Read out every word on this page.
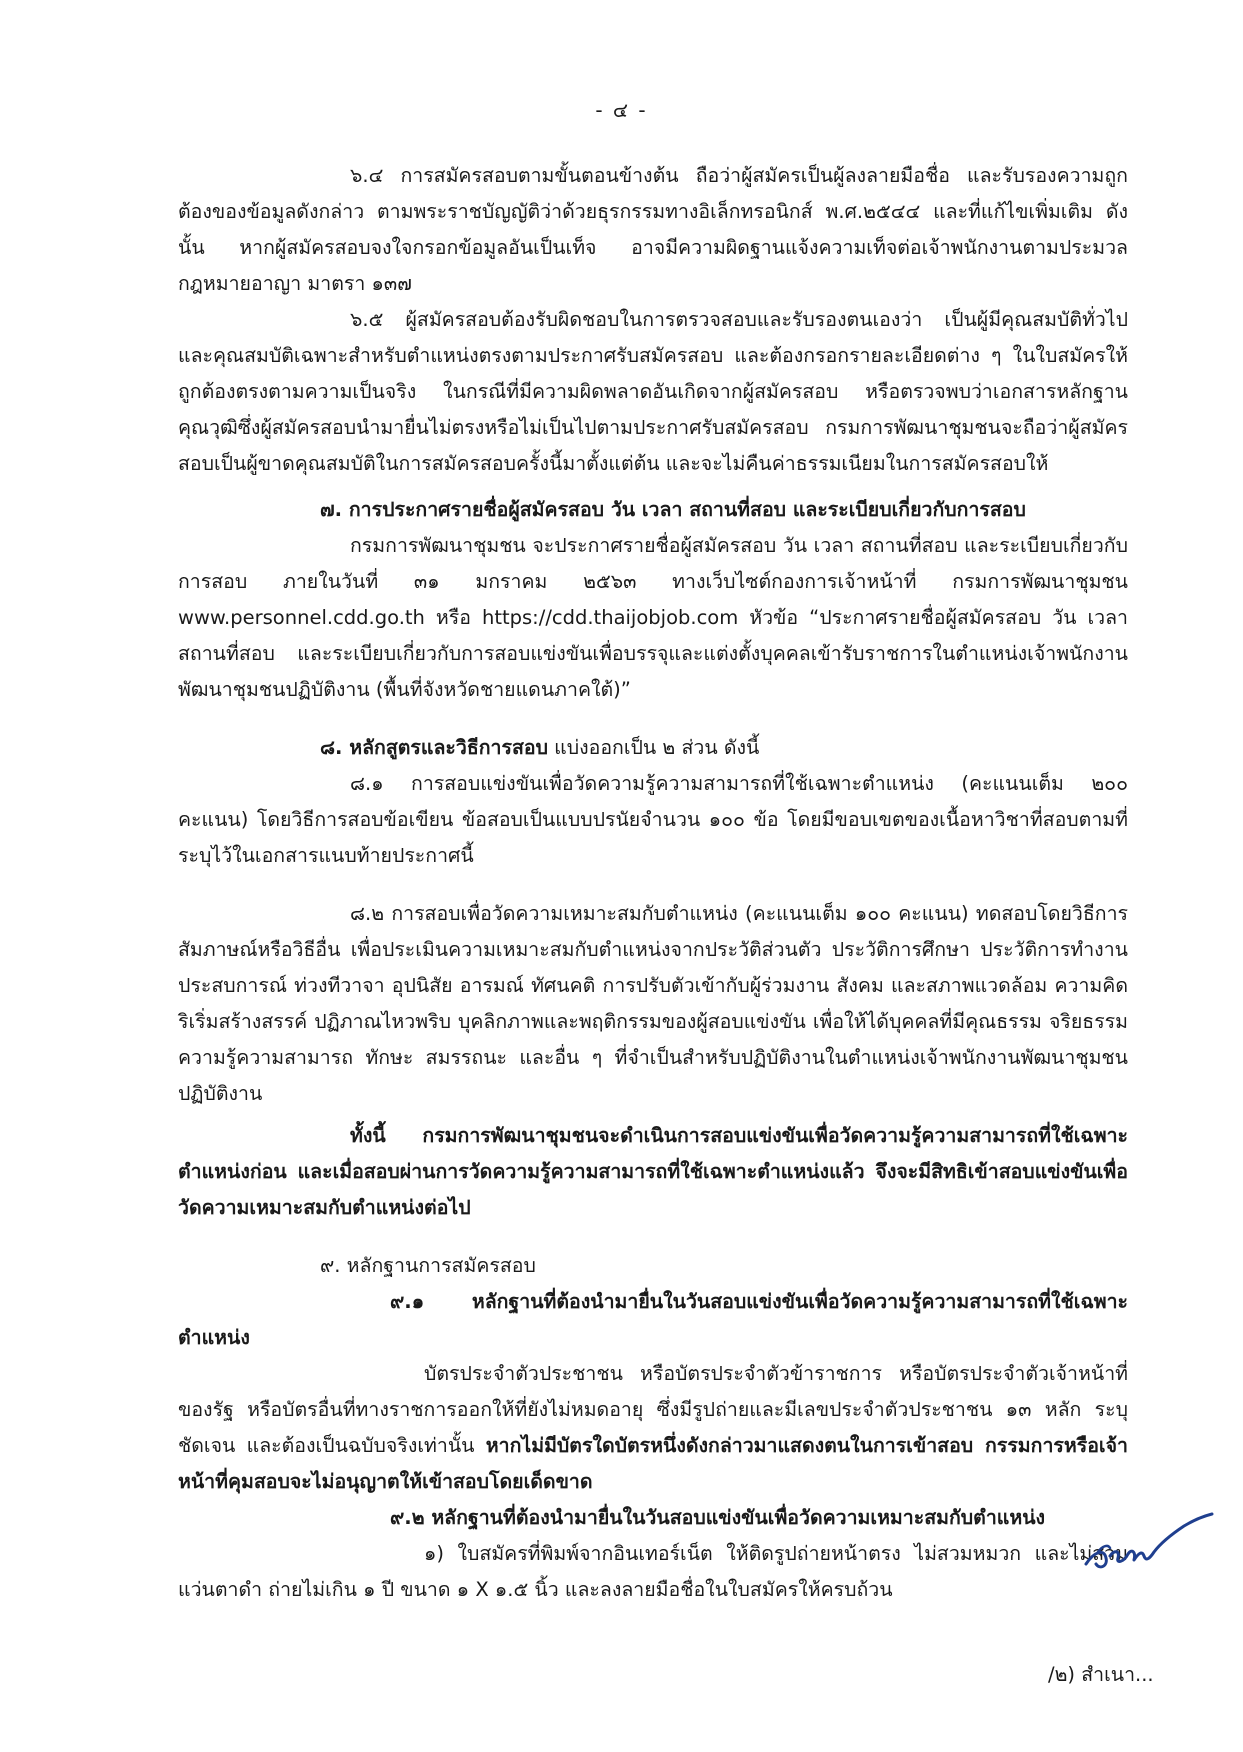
- ๔ -

๖.๔ การสมัครสอบตามขั้นตอนข้างต้น ถือว่าผู้สมัครเป็นผู้ลงลายมือชื่อ และรับรองความถูกต้องของข้อมูลดังกล่าว ตามพระราชบัญญัติว่าด้วยธุรกรรมทางอิเล็กทรอนิกส์ พ.ศ.๒๕๔๔ และที่แก้ไขเพิ่มเติม ดังนั้น หากผู้สมัครสอบจงใจกรอกข้อมูลอันเป็นเท็จ อาจมีความผิดฐานแจ้งความเท็จต่อเจ้าพนักงานตามประมวลกฎหมายอาญา มาตรา ๑๓๗

๖.๕ ผู้สมัครสอบต้องรับผิดชอบในการตรวจสอบและรับรองตนเองว่า เป็นผู้มีคุณสมบัติทั่วไปและคุณสมบัติเฉพาะสำหรับตำแหน่งตรงตามประกาศรับสมัครสอบ และต้องกรอกรายละเอียดต่าง ๆ ในใบสมัครให้ถูกต้องตรงตามความเป็นจริง ในกรณีที่มีความผิดพลาดอันเกิดจากผู้สมัครสอบ หรือตรวจพบว่าเอกสารหลักฐานคุณวุฒิซึ่งผู้สมัครสอบนำมายื่นไม่ตรงหรือไม่เป็นไปตามประกาศรับสมัครสอบ กรมการพัฒนาชุมชนจะถือว่าผู้สมัครสอบเป็นผู้ขาดคุณสมบัติในการสมัครสอบครั้งนี้มาตั้งแต่ต้น และจะไม่คืนค่าธรรมเนียมในการสมัครสอบให้

๗. การประกาศรายชื่อผู้สมัครสอบ วัน เวลา สถานที่สอบ และระเบียบเกี่ยวกับการสอบ

กรมการพัฒนาชุมชน จะประกาศรายชื่อผู้สมัครสอบ วัน เวลา สถานที่สอบ และระเบียบเกี่ยวกับการสอบ ภายในวันที่ ๓๑ มกราคม ๒๕๖๓ ทางเว็บไซต์กองการเจ้าหน้าที่ กรมการพัฒนาชุมชน www.personnel.cdd.go.th หรือ https://cdd.thaijobjob.com หัวข้อ “ประกาศรายชื่อผู้สมัครสอบ วัน เวลา สถานที่สอบ และระเบียบเกี่ยวกับการสอบแข่งขันเพื่อบรรจุและแต่งตั้งบุคคลเข้ารับราชการในตำแหน่งเจ้าพนักงานพัฒนาชุมชนปฏิบัติงาน (พื้นที่จังหวัดชายแดนภาคใต้)”

๘. หลักสูตรและวิธีการสอบ แบ่งออกเป็น ๒ ส่วน ดังนี้

๘.๑ การสอบแข่งขันเพื่อวัดความรู้ความสามารถที่ใช้เฉพาะตำแหน่ง (คะแนนเต็ม ๒๐๐ คะแนน) โดยวิธีการสอบข้อเขียน ข้อสอบเป็นแบบปรนัยจำนวน ๑๐๐ ข้อ โดยมีขอบเขตของเนื้อหาวิชาที่สอบตามที่ระบุไว้ในเอกสารแนบท้ายประกาศนี้

๘.๒ การสอบเพื่อวัดความเหมาะสมกับตำแหน่ง (คะแนนเต็ม ๑๐๐ คะแนน) ทดสอบโดยวิธีการสัมภาษณ์หรือวิธีอื่น เพื่อประเมินความเหมาะสมกับตำแหน่งจากประวัติส่วนตัว ประวัติการศึกษา ประวัติการทำงาน ประสบการณ์ ท่วงทีวาจา อุปนิสัย อารมณ์ ทัศนคติ การปรับตัวเข้ากับผู้ร่วมงาน สังคม และสภาพแวดล้อม ความคิดริเริ่มสร้างสรรค์ ปฏิภาณไหวพริบ บุคลิกภาพและพฤติกรรมของผู้สอบแข่งขัน เพื่อให้ได้บุคคลที่มีคุณธรรม จริยธรรม ความรู้ความสามารถ ทักษะ สมรรถนะ และอื่น ๆ ที่จำเป็นสำหรับปฏิบัติงานในตำแหน่งเจ้าพนักงานพัฒนาชุมชนปฏิบัติงาน

ทั้งนี้ กรมการพัฒนาชุมชนจะดำเนินการสอบแข่งขันเพื่อวัดความรู้ความสามารถที่ใช้เฉพาะตำแหน่งก่อน และเมื่อสอบผ่านการวัดความรู้ความสามารถที่ใช้เฉพาะตำแหน่งแล้ว จึงจะมีสิทธิเข้าสอบแข่งขันเพื่อวัดความเหมาะสมกับตำแหน่งต่อไป

๙. หลักฐานการสมัครสอบ

๙.๑ หลักฐานที่ต้องนำมายื่นในวันสอบแข่งขันเพื่อวัดความรู้ความสามารถที่ใช้เฉพาะตำแหน่ง

บัตรประจำตัวประชาชน หรือบัตรประจำตัวข้าราชการ หรือบัตรประจำตัวเจ้าหน้าที่ของรัฐ หรือบัตรอื่นที่ทางราชการออกให้ที่ยังไม่หมดอายุ ซึ่งมีรูปถ่ายและมีเลขประจำตัวประชาชน ๑๓ หลัก ระบุชัดเจน และต้องเป็นฉบับจริงเท่านั้น หากไม่มีบัตรใดบัตรหนึ่งดังกล่าวมาแสดงตนในการเข้าสอบ กรรมการหรือเจ้าหน้าที่คุมสอบจะไม่อนุญาตให้เข้าสอบโดยเด็ดขาด

๙.๒ หลักฐานที่ต้องนำมายื่นในวันสอบแข่งขันเพื่อวัดความเหมาะสมกับตำแหน่ง

๑) ใบสมัครที่พิมพ์จากอินเทอร์เน็ต ให้ติดรูปถ่ายหน้าตรง ไม่สวมหมวก และไม่สวมแว่นตาดำ ถ่ายไม่เกิน ๑ ปี ขนาด ๑ X ๑.๕ นิ้ว และลงลายมือชื่อในใบสมัครให้ครบถ้วน

/๒) สำเนา...
